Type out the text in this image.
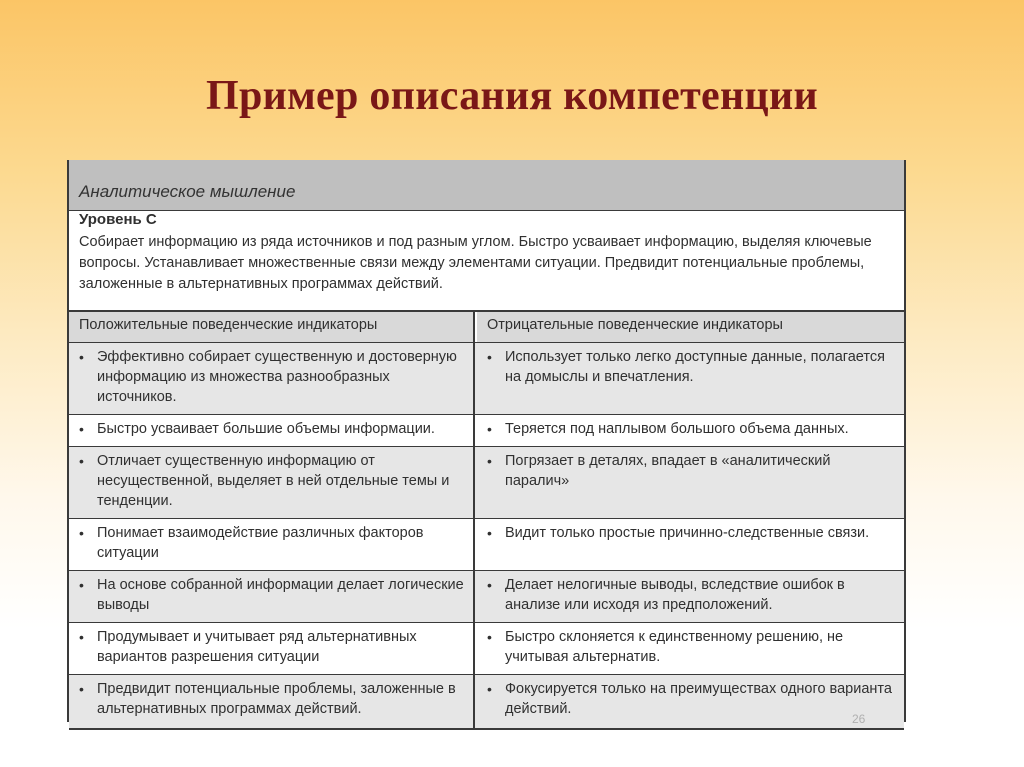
Пример описания компетенции
Аналитическое мышление
Уровень С
Собирает информацию из ряда источников и под разным углом. Быстро усваивает информацию, выделяя ключевые вопросы. Устанавливает множественные связи между элементами ситуации. Предвидит потенциальные проблемы, заложенные в альтернативных программах действий.
Положительные поведенческие индикаторы	Отрицательные поведенческие индикаторы
• Эффективно собирает существенную и достоверную информацию из множества разнообразных источников.
• Использует только легко доступные данные, полагается на домыслы и впечатления.
• Быстро усваивает большие объемы информации.	• Теряется под наплывом большого объема данных.
• Отличает существенную информацию от несущественной, выделяет в ней отдельные темы и тенденции.
• Погрязает в деталях, впадает в «аналитический паралич»
• Понимает взаимодействие различных факторов ситуации
• Видит только простые причинно-следственные связи.
• На основе собранной информации делает логические выводы
• Делает нелогичные выводы, вследствие ошибок в анализе или исходя из предположений.
• Продумывает и учитывает ряд альтернативных вариантов разрешения ситуации
• Быстро склоняется к единственному решению, не учитывая альтернатив.
• Предвидит потенциальные проблемы, заложенные в альтернативных программах действий.
• Фокусируется только на преимуществах одного варианта действий.
26
